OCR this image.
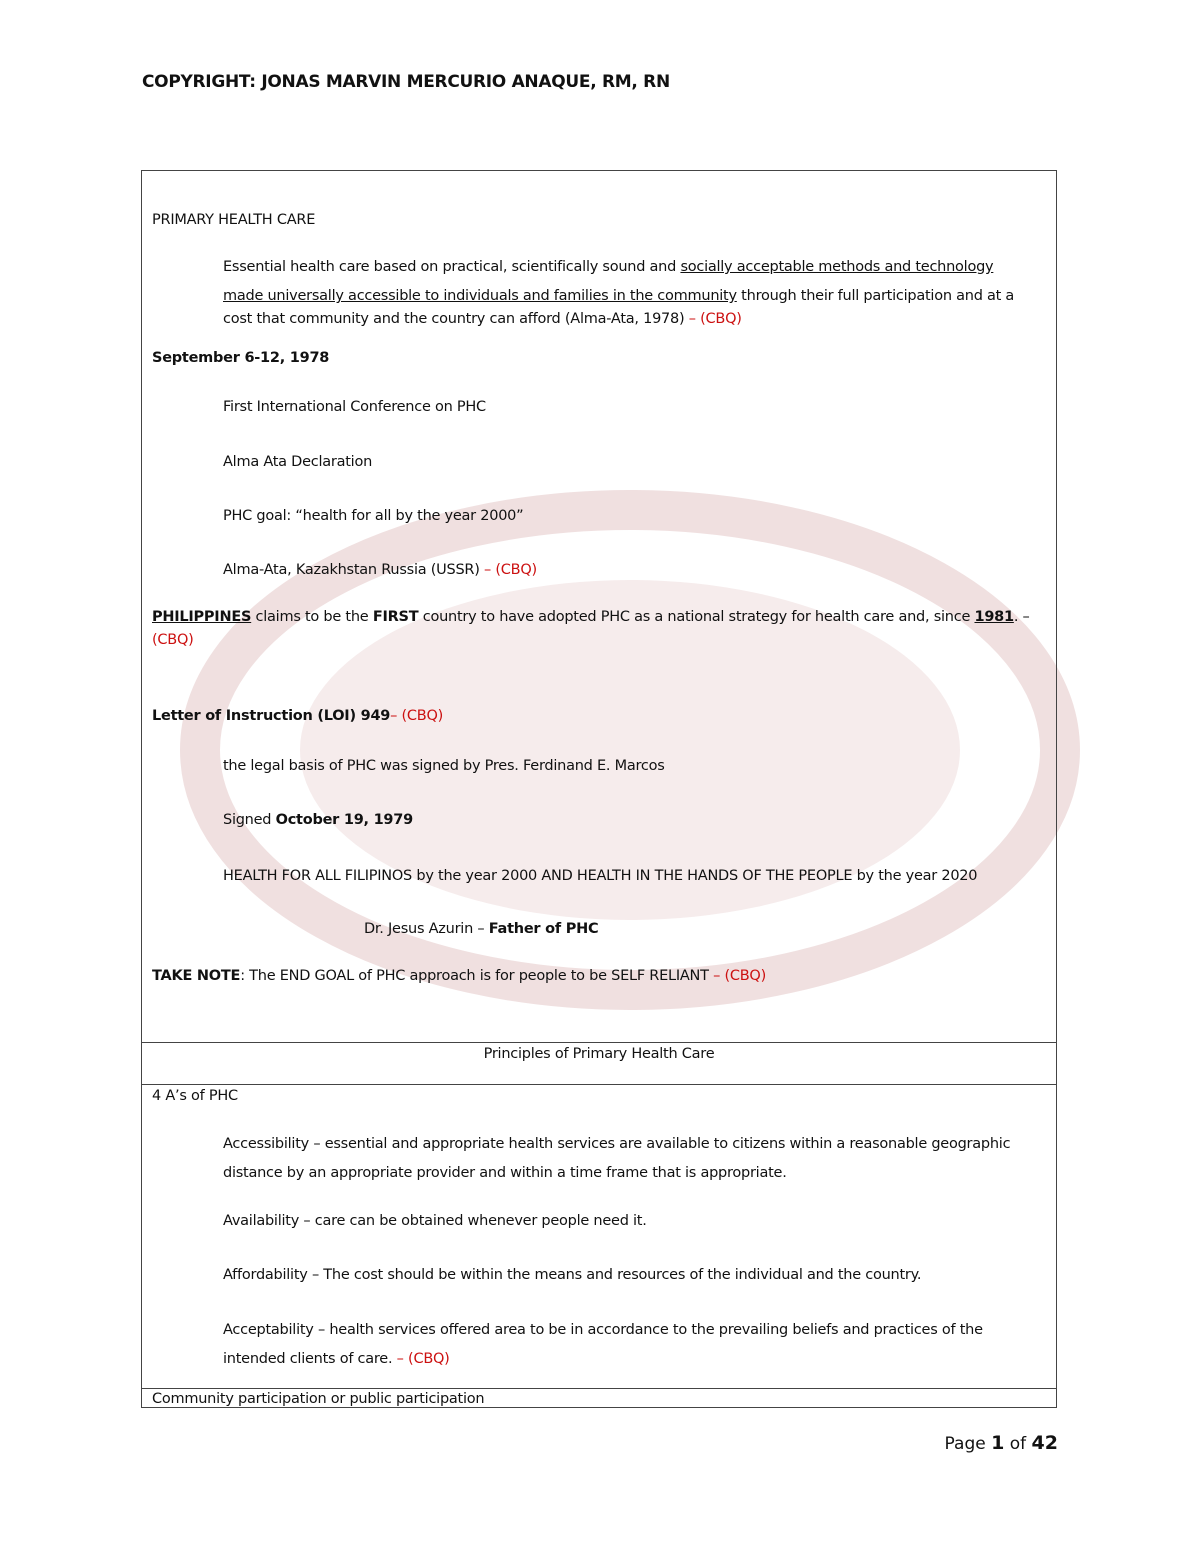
COPYRIGHT: JONAS MARVIN MERCURIO ANAQUE, RM, RN
PRIMARY HEALTH CARE
Essential health care based on practical, scientifically sound and socially acceptable methods and technology
made universally accessible to individuals and families in the community through their full participation and at a
cost that community and the country can afford (Alma-Ata, 1978) – (CBQ)
September 6-12, 1978
First International Conference on PHC
Alma Ata Declaration
PHC goal: “health for all by the year 2000”
Alma-Ata, Kazakhstan Russia (USSR) – (CBQ)
PHILIPPINES claims to be the FIRST country to have adopted PHC as a national strategy for health care and, since 1981. –
(CBQ)
Letter of Instruction (LOI) 949– (CBQ)
the legal basis of PHC was signed by Pres. Ferdinand E. Marcos
Signed October 19, 1979
HEALTH FOR ALL FILIPINOS by the year 2000 AND HEALTH IN THE HANDS OF THE PEOPLE by the year 2020
Dr. Jesus Azurin – Father of PHC
TAKE NOTE: The END GOAL of PHC approach is for people to be SELF RELIANT – (CBQ)
Principles of Primary Health Care
4 A’s of PHC
Accessibility – essential and appropriate health services are available to citizens within a reasonable geographic
distance by an appropriate provider and within a time frame that is appropriate.
Availability – care can be obtained whenever people need it.
Affordability – The cost should be within the means and resources of the individual and the country.
Acceptability – health services offered area to be in accordance to the prevailing beliefs and practices of the
intended clients of care. – (CBQ)
Community participation or public participation
Page 1 of 42
